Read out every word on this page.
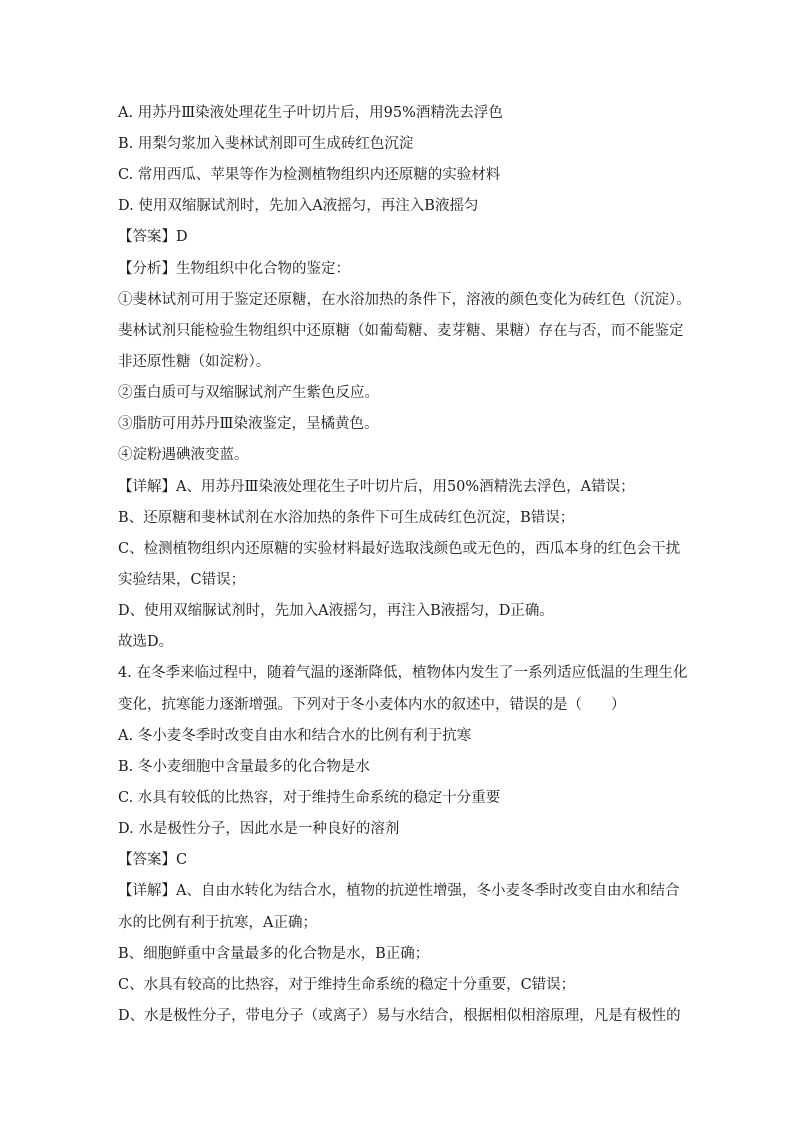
A. 用苏丹Ⅲ染液处理花生子叶切片后，用95%酒精洗去浮色
B. 用梨匀浆加入斐林试剂即可生成砖红色沉淀
C. 常用西瓜、苹果等作为检测植物组织内还原糖的实验材料
D. 使用双缩脲试剂时，先加入A液摇匀，再注入B液摇匀
【答案】D
【分析】生物组织中化合物的鉴定：
①斐林试剂可用于鉴定还原糖，在水浴加热的条件下，溶液的颜色变化为砖红色（沉淀）。
斐林试剂只能检验生物组织中还原糖（如葡萄糖、麦芽糖、果糖）存在与否，而不能鉴定
非还原性糖（如淀粉）。
②蛋白质可与双缩脲试剂产生紫色反应。
③脂肪可用苏丹Ⅲ染液鉴定，呈橘黄色。
④淀粉遇碘液变蓝。
【详解】A、用苏丹Ⅲ染液处理花生子叶切片后，用50%酒精洗去浮色，A错误；
B、还原糖和斐林试剂在水浴加热的条件下可生成砖红色沉淀，B错误；
C、检测植物组织内还原糖的实验材料最好选取浅颜色或无色的，西瓜本身的红色会干扰
实验结果，C错误；
D、使用双缩脲试剂时，先加入A液摇匀，再注入B液摇匀，D正确。
故选D。
4. 在冬季来临过程中，随着气温的逐渐降低，植物体内发生了一系列适应低温的生理生化
变化，抗寒能力逐渐增强。下列对于冬小麦体内水的叙述中，错误的是（　　）
A. 冬小麦冬季时改变自由水和结合水的比例有利于抗寒
B. 冬小麦细胞中含量最多的化合物是水
C. 水具有较低的比热容，对于维持生命系统的稳定十分重要
D. 水是极性分子，因此水是一种良好的溶剂
【答案】C
【详解】A、自由水转化为结合水，植物的抗逆性增强，冬小麦冬季时改变自由水和结合
水的比例有利于抗寒，A正确；
B、细胞鲜重中含量最多的化合物是水，B正确；
C、水具有较高的比热容，对于维持生命系统的稳定十分重要，C错误；
D、水是极性分子，带电分子（或离子）易与水结合，根据相似相溶原理，凡是有极性的
